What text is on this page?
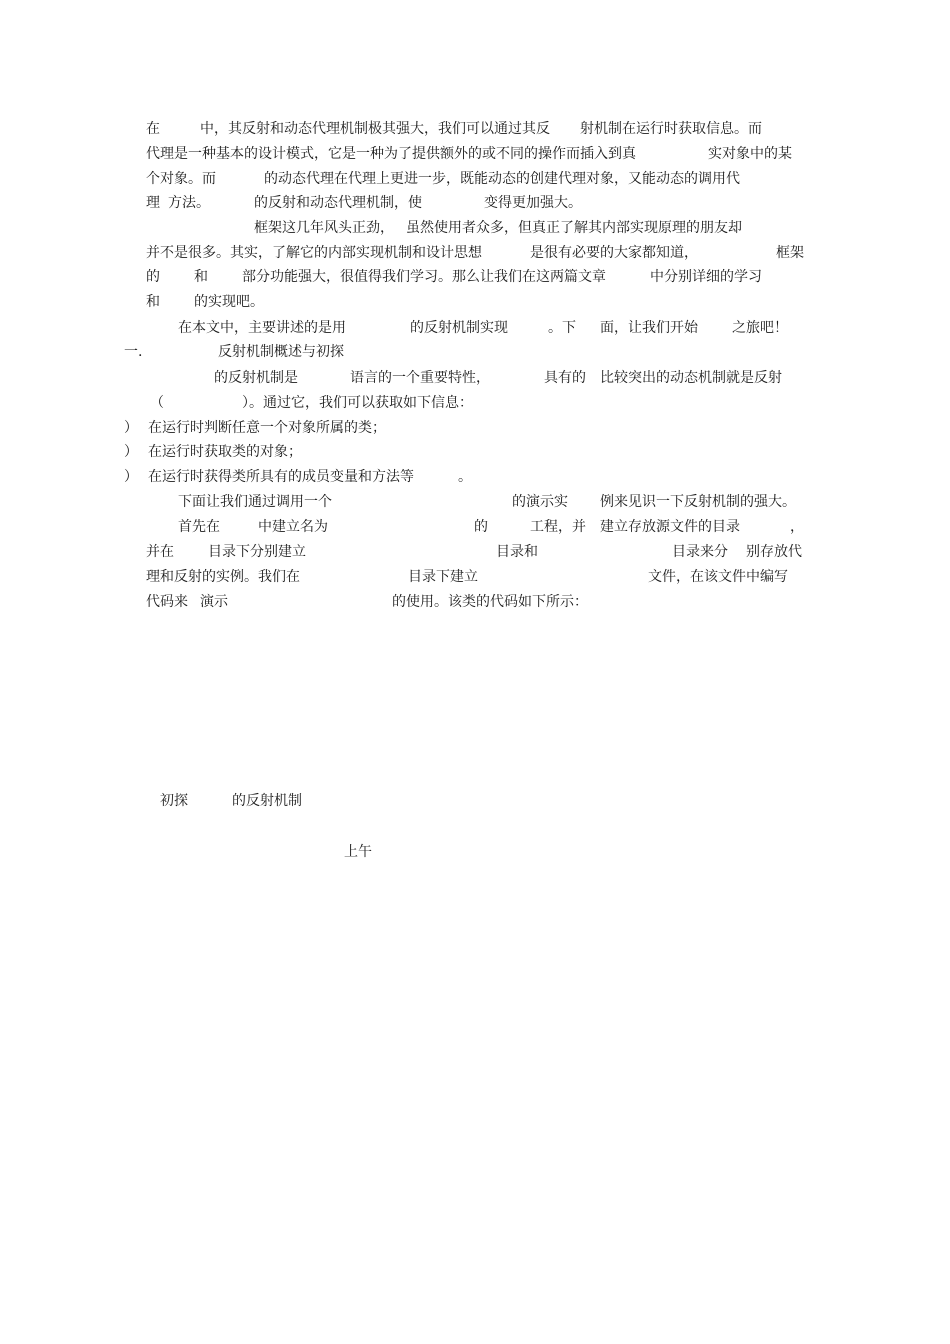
在	中，其反射和动态代理机制极其强大，我们可以通过其反 射机制在运行时获取信息。而
代理是一种基本的设计模式，它是一种为了提供额外的或不同的操作而插入到真	实对象中的某
个对象。而	的动态代理在代理上更进一步，既能动态的创建代理对象，又能动态的调用代
理 方法。	的反射和动态代理机制，使	变得更加强大。
框架这几年风头正劲， 虽然使用者众多，但真正了解其内部实现原理的朋友却
并不是很多。其实，了解它的内部实现机制和设计思想	是很有必要的大家都知道，	框架
的 和 部分功能强大，很值得我们学习。那么让我们在这两篇文章	中分别详细的学习
和 的实现吧。
在本文中，主要讲述的是用	的反射机制实现	。下 面，让我们开始 之旅吧！
一.	反射机制概述与初探
的反射机制是	语言的一个重要特性，	具有的 比较突出的动态机制就是反射
（	）。通过它，我们可以获取如下信息：
） 在运行时判断任意一个对象所属的类；
） 在运行时获取类的对象；
） 在运行时获得类所具有的成员变量和方法等	。
下面让我们通过调用一个	的演示实 例来见识一下反射机制的强大。
首先在	中建立名为	的	工程，并 建立存放源文件的目录	，
并在 目录下分别建立	目录和	目录来分 别存放代
理和反射的实例。我们在	目录下建立	文件，在该文件中编写
代码来 演示	的使用。该类的代码如下所示：
初探	的反射机制
上午
